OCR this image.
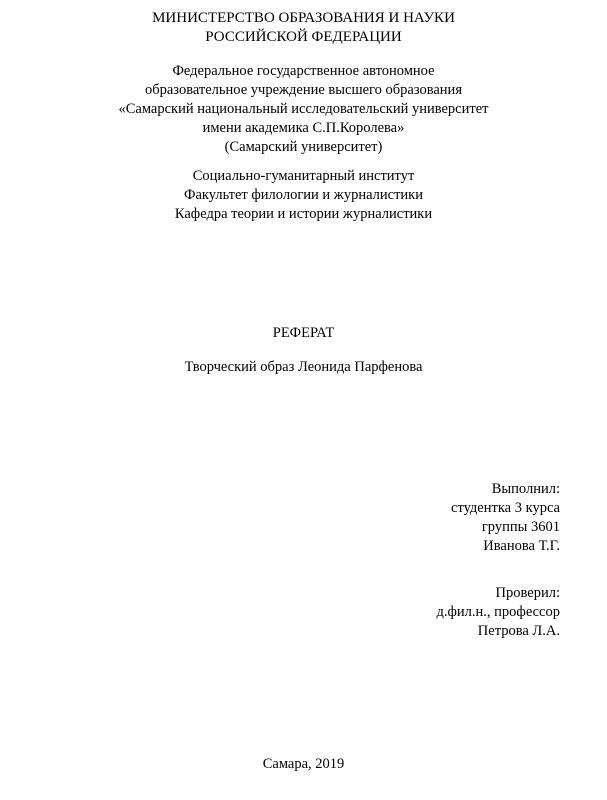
МИНИСТЕРСТВО ОБРАЗОВАНИЯ И НАУКИ
РОССИЙСКОЙ ФЕДЕРАЦИИ
Федеральное государственное автономное
образовательное учреждение высшего образования
«Самарский национальный исследовательский университет
имени академика С.П.Королева»
(Самарский университет)
Социально-гуманитарный институт
Факультет филологии и журналистики
Кафедра теории и истории журналистики
РЕФЕРАТ
Творческий образ Леонида Парфенова
Выполнил:
студентка 3 курса
группы 3601
Иванова Т.Г.
Проверил:
д.фил.н., профессор
Петрова Л.А.
Самара, 2019
